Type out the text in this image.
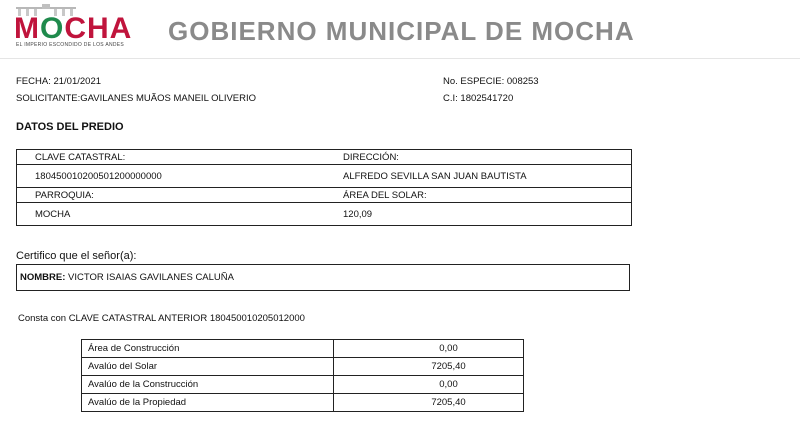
MOCHA
EL IMPERIO ESCONDIDO DE LOS ANDES GOBIERNO MUNICIPAL DE MOCHA
FECHA: 21/01/2021
SOLICITANTE:GAVILANES MUÃOS MANEIL OLIVERIO
No. ESPECIE: 008253
C.I: 1802541720
DATOS DEL PREDIO
CLAVE CATASTRAL:	DIRECCIÓN:
180450010200501200000000	ALFREDO SEVILLA SAN JUAN BAUTISTA
PARROQUIA:	ÁREA DEL SOLAR:
MOCHA	120,09
Certifico que el señor(a):
NOMBRE: VICTOR ISAIAS GAVILANES CALUÑA
Consta con CLAVE CATASTRAL ANTERIOR 180450010205012000
Área de Construcción	0,00
Avalúo del Solar	7205,40
Avalúo de la Construcción	0,00
Avalúo de la Propiedad	7205,40
